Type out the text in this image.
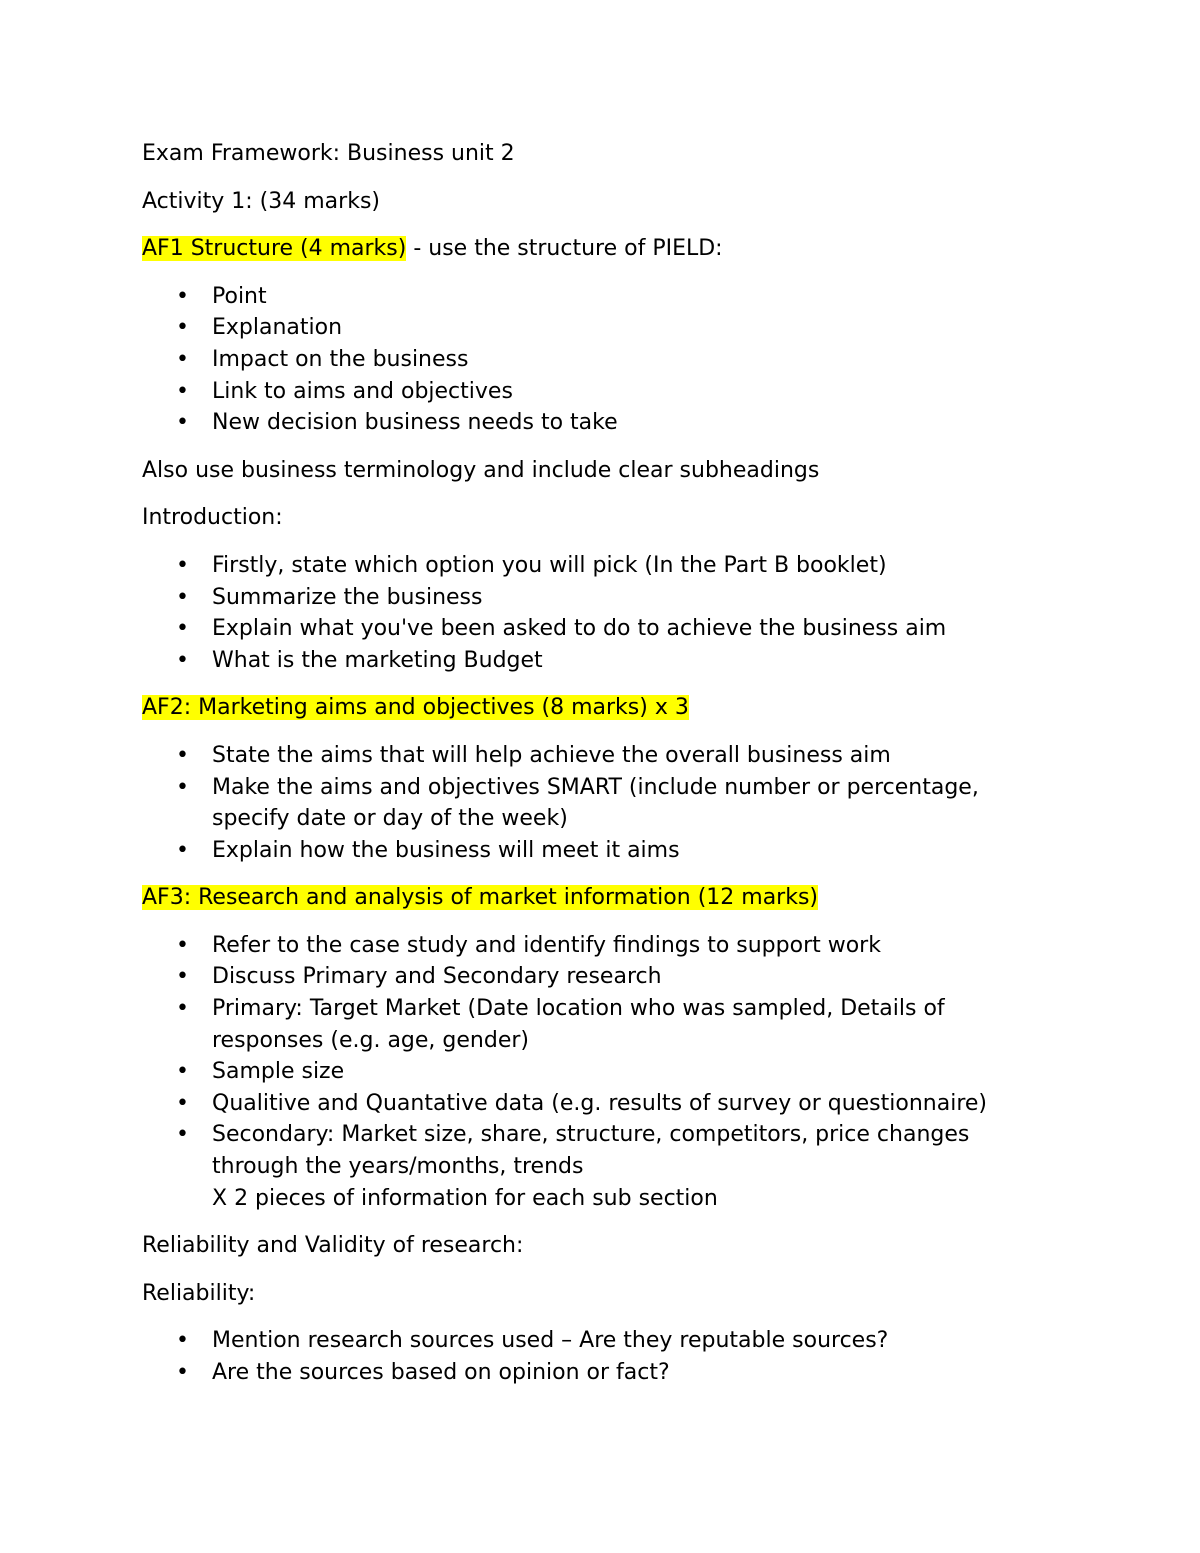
Exam Framework: Business unit 2

Activity 1: (34 marks)

AF1 Structure (4 marks) - use the structure of PIELD:

• Point
• Explanation
• Impact on the business
• Link to aims and objectives
• New decision business needs to take

Also use business terminology and include clear subheadings

Introduction:

• Firstly, state which option you will pick (In the Part B booklet)
• Summarize the business
• Explain what you've been asked to do to achieve the business aim
• What is the marketing Budget

AF2: Marketing aims and objectives (8 marks) x 3

• State the aims that will help achieve the overall business aim
• Make the aims and objectives SMART (include number or percentage, specify date or day of the week)
• Explain how the business will meet it aims

AF3: Research and analysis of market information (12 marks)

• Refer to the case study and identify findings to support work
• Discuss Primary and Secondary research
• Primary: Target Market (Date location who was sampled, Details of responses (e.g. age, gender)
• Sample size
• Qualitive and Quantative data (e.g. results of survey or questionnaire)
• Secondary: Market size, share, structure, competitors, price changes through the years/months, trends
X 2 pieces of information for each sub section

Reliability and Validity of research:

Reliability:

• Mention research sources used – Are they reputable sources?
• Are the sources based on opinion or fact?
